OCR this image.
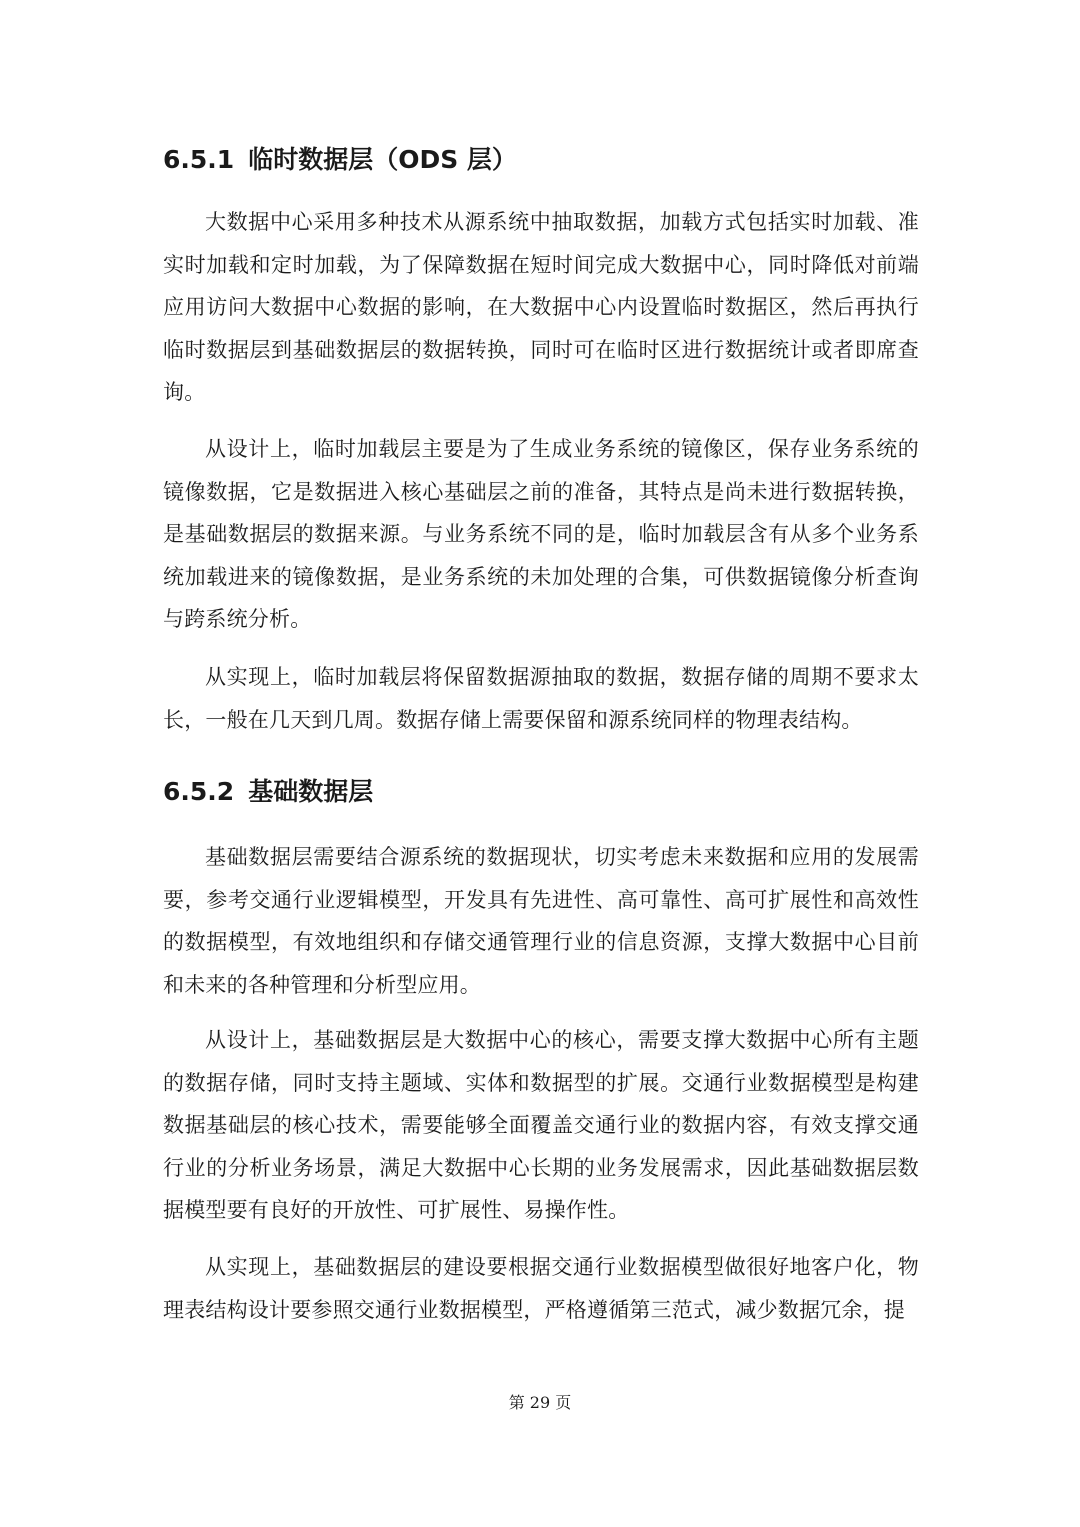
6.5.1 临时数据层（ODS 层）

大数据中心采用多种技术从源系统中抽取数据，加载方式包括实时加载、准实时加载和定时加载，为了保障数据在短时间完成大数据中心，同时降低对前端应用访问大数据中心数据的影响，在大数据中心内设置临时数据区，然后再执行临时数据层到基础数据层的数据转换，同时可在临时区进行数据统计或者即席查询。

从设计上，临时加载层主要是为了生成业务系统的镜像区，保存业务系统的镜像数据，它是数据进入核心基础层之前的准备，其特点是尚未进行数据转换，是基础数据层的数据来源。与业务系统不同的是，临时加载层含有从多个业务系统加载进来的镜像数据，是业务系统的未加处理的合集，可供数据镜像分析查询与跨系统分析。

从实现上，临时加载层将保留数据源抽取的数据，数据存储的周期不要求太长，一般在几天到几周。数据存储上需要保留和源系统同样的物理表结构。

6.5.2 基础数据层

基础数据层需要结合源系统的数据现状，切实考虑未来数据和应用的发展需要，参考交通行业逻辑模型，开发具有先进性、高可靠性、高可扩展性和高效性的数据模型，有效地组织和存储交通管理行业的信息资源，支撑大数据中心目前和未来的各种管理和分析型应用。

从设计上，基础数据层是大数据中心的核心，需要支撑大数据中心所有主题的数据存储，同时支持主题域、实体和数据型的扩展。交通行业数据模型是构建数据基础层的核心技术，需要能够全面覆盖交通行业的数据内容，有效支撑交通行业的分析业务场景，满足大数据中心长期的业务发展需求，因此基础数据层数据模型要有良好的开放性、可扩展性、易操作性。

从实现上，基础数据层的建设要根据交通行业数据模型做很好地客户化，物理表结构设计要参照交通行业数据模型，严格遵循第三范式，减少数据冗余，提

第 29 页
